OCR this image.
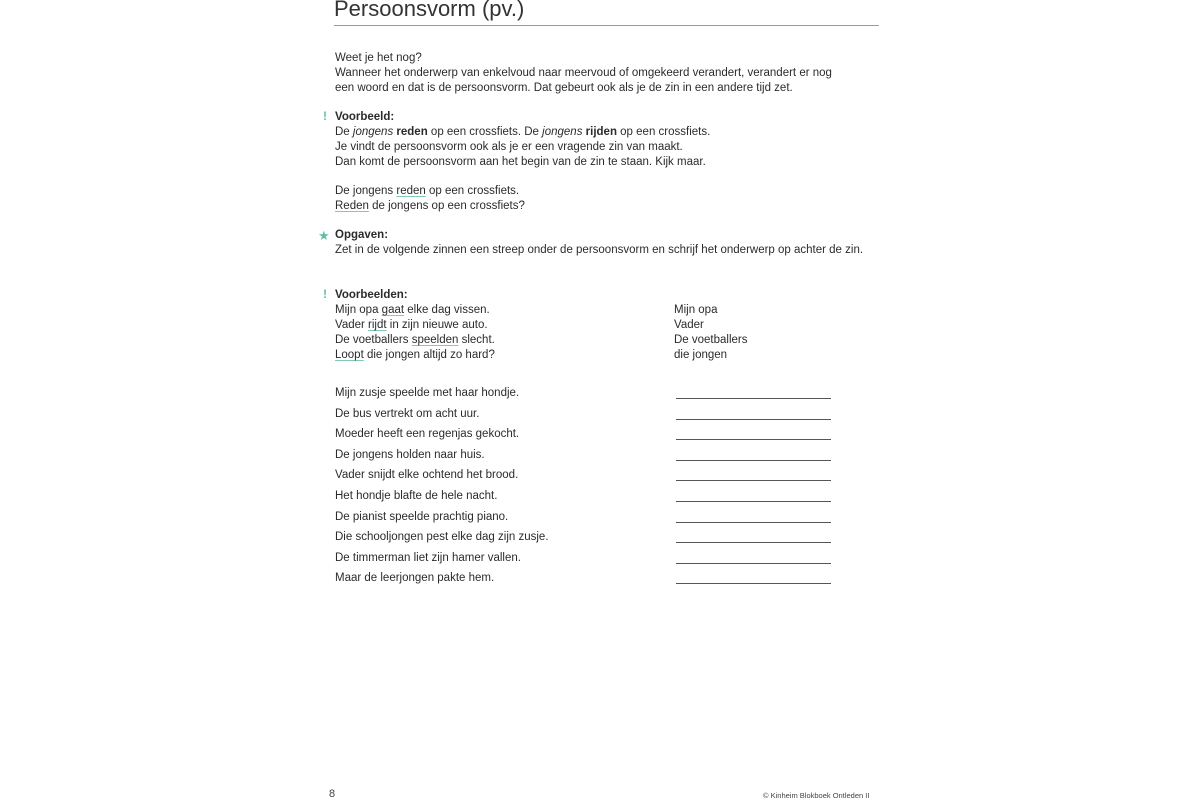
Persoonsvorm (pv.)
Weet je het nog?
Wanneer het onderwerp van enkelvoud naar meervoud of omgekeerd verandert, verandert er nog
een woord en dat is de persoonsvorm. Dat gebeurt ook als je de zin in een andere tijd zet.
! Voorbeeld:
De jongens reden op een crossfiets. De jongens rijden op een crossfiets.
Je vindt de persoonsvorm ook als je er een vragende zin van maakt.
Dan komt de persoonsvorm aan het begin van de zin te staan. Kijk maar.
De jongens reden op een crossfiets.
Reden de jongens op een crossfiets?
★ Opgaven:
Zet in de volgende zinnen een streep onder de persoonsvorm en schrijf het onderwerp op achter de zin.
! Voorbeelden:
Mijn opa gaat elke dag vissen.
Vader rijdt in zijn nieuwe auto.
De voetballers speelden slecht.
Loopt die jongen altijd zo hard?
Mijn opa
Vader
De voetballers
die jongen
Mijn zusje speelde met haar hondje.
De bus vertrekt om acht uur.
Moeder heeft een regenjas gekocht.
De jongens holden naar huis.
Vader snijdt elke ochtend het brood.
Het hondje blafte de hele nacht.
De pianist speelde prachtig piano.
Die schooljongen pest elke dag zijn zusje.
De timmerman liet zijn hamer vallen.
Maar de leerjongen pakte hem.
8	© Kinheim Blokboek Ontleden II
